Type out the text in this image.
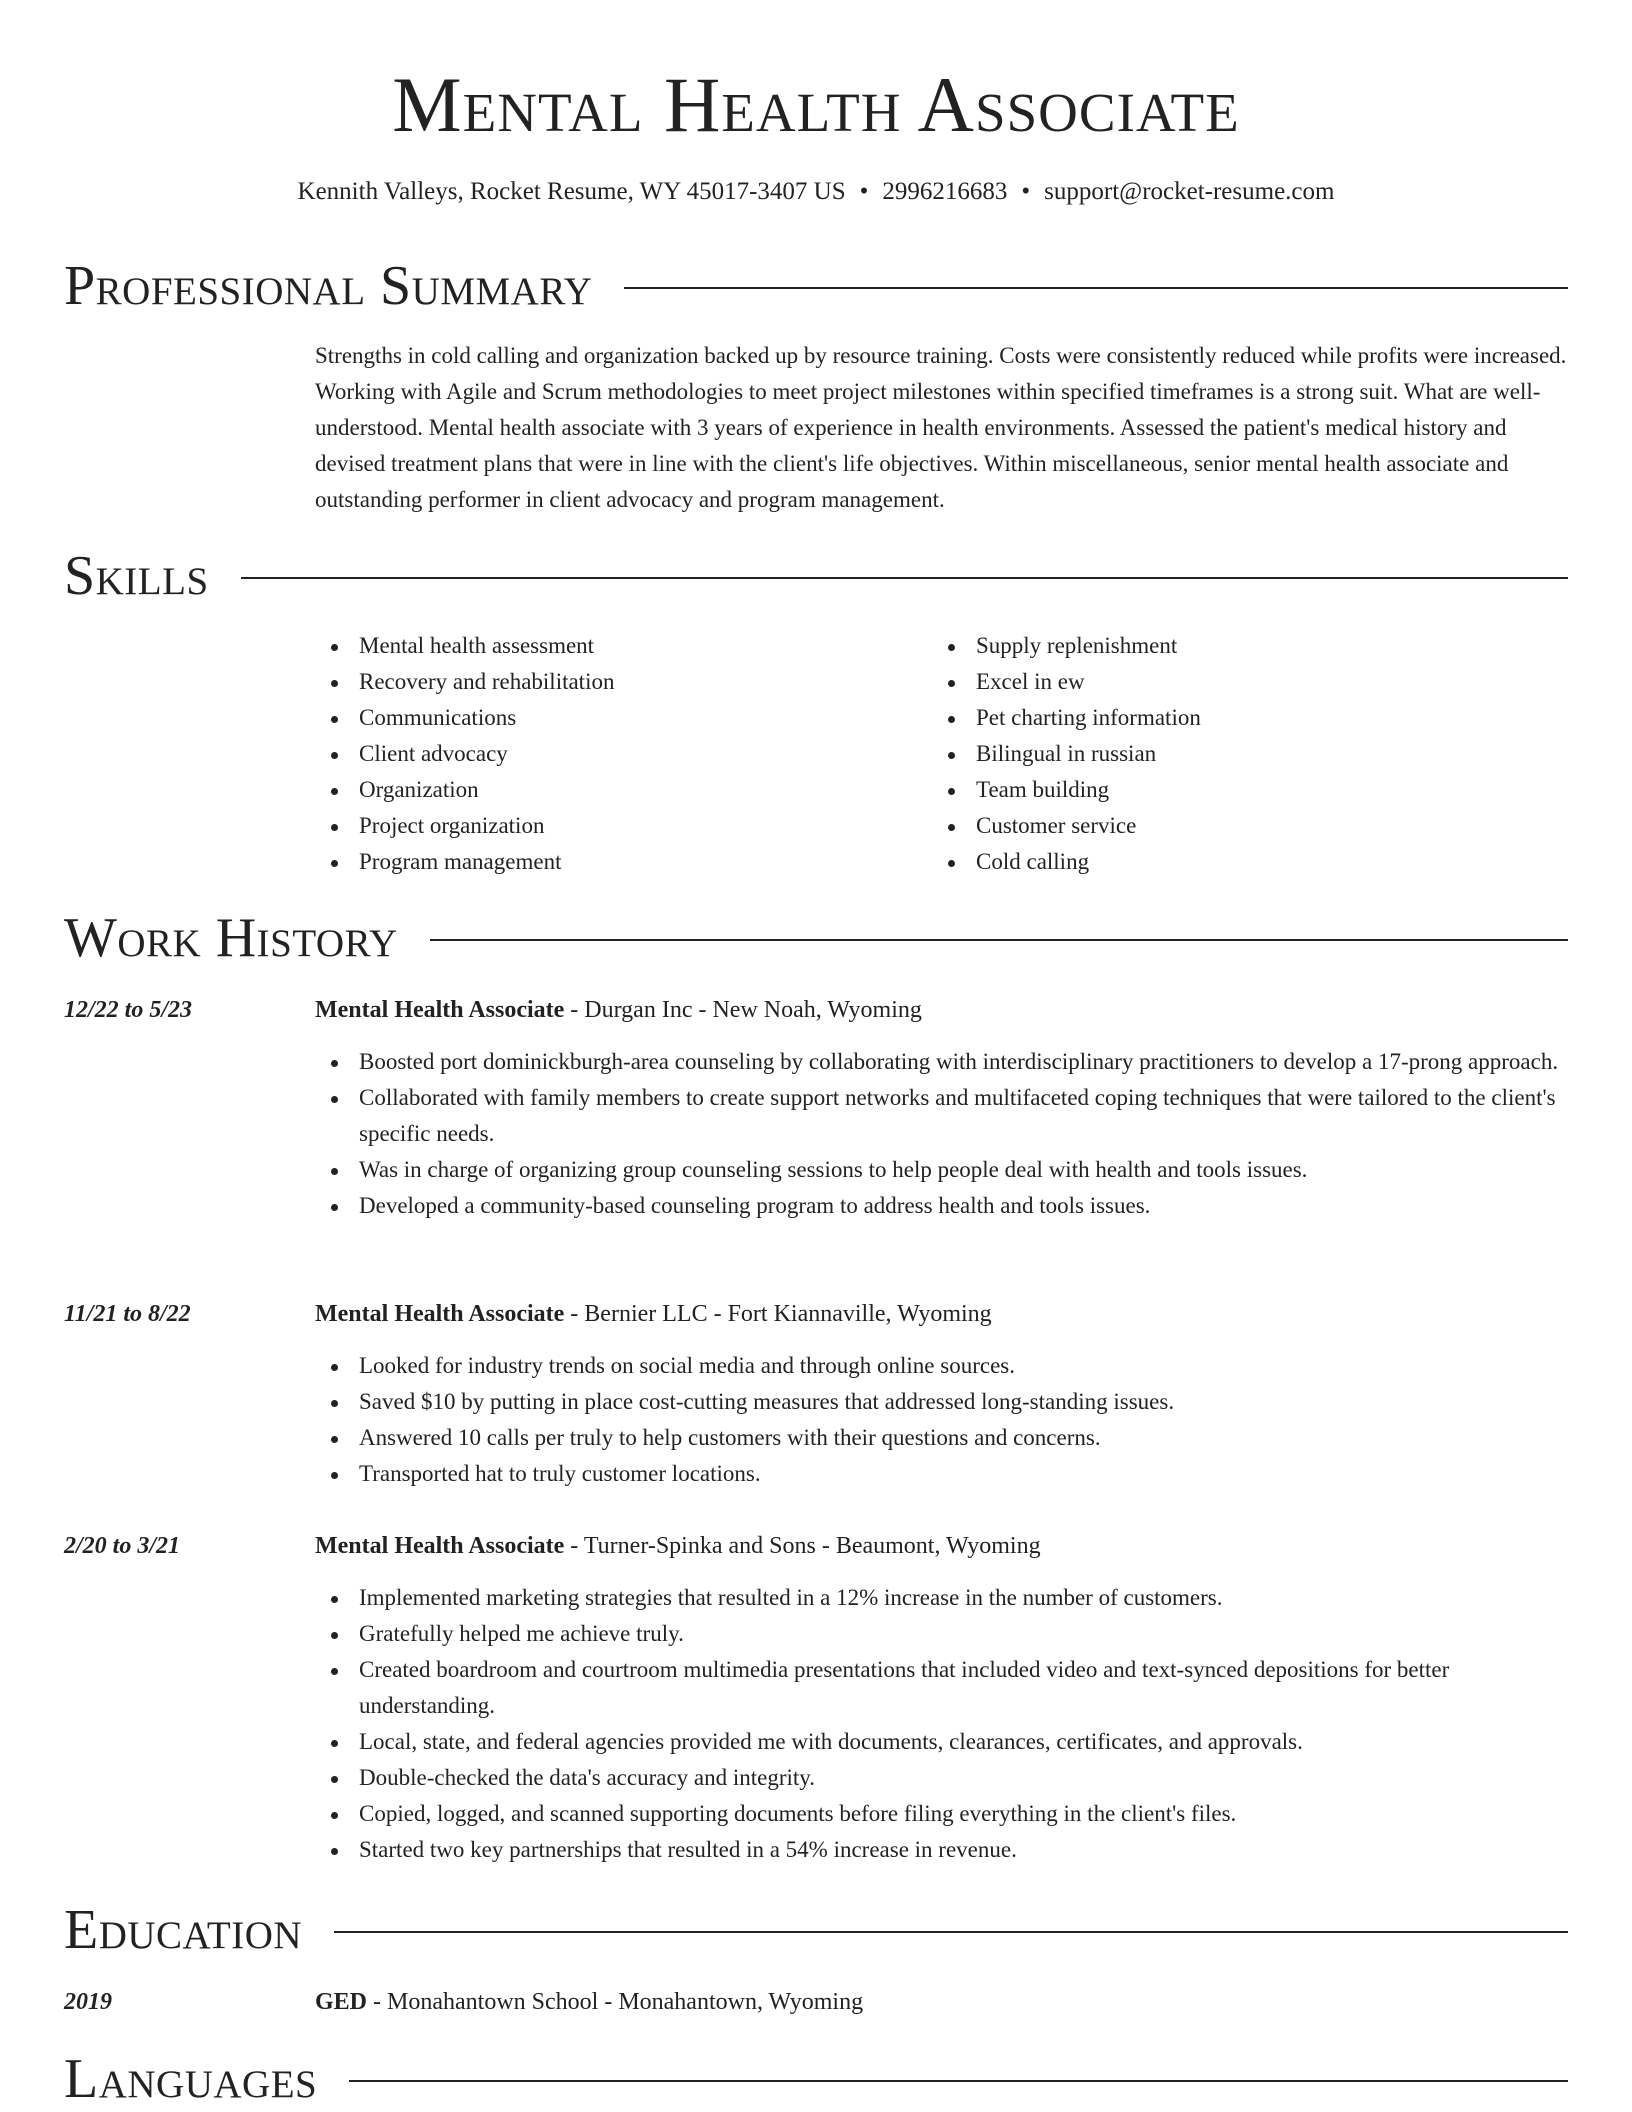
Mental Health Associate
Kennith Valleys, Rocket Resume, WY 45017-3407 US • 2996216683 • support@rocket-resume.com
Professional Summary

Strengths in cold calling and organization backed up by resource training. Costs were consistently reduced while profits were increased. Working with Agile and Scrum methodologies to meet project milestones within specified timeframes is a strong suit. What are well-understood. Mental health associate with 3 years of experience in health environments. Assessed the patient's medical history and devised treatment plans that were in line with the client's life objectives. Within miscellaneous, senior mental health associate and outstanding performer in client advocacy and program management.

Skills
Mental health assessment
Recovery and rehabilitation
Communications
Client advocacy
Organization
Project organization
Program management
Supply replenishment
Excel in ew
Pet charting information
Bilingual in russian
Team building
Customer service
Cold calling
Work History
12/22 to 5/23	Mental Health Associate - Durgan Inc - New Noah, Wyoming
Boosted port dominickburgh-area counseling by collaborating with interdisciplinary practitioners to develop a 17-prong approach.
Collaborated with family members to create support networks and multifaceted coping techniques that were tailored to the client's specific needs.
Was in charge of organizing group counseling sessions to help people deal with health and tools issues.
Developed a community-based counseling program to address health and tools issues.
11/21 to 8/22	Mental Health Associate - Bernier LLC - Fort Kiannaville, Wyoming
Looked for industry trends on social media and through online sources.
Saved $10 by putting in place cost-cutting measures that addressed long-standing issues.
Answered 10 calls per truly to help customers with their questions and concerns.
Transported hat to truly customer locations.
2/20 to 3/21	Mental Health Associate - Turner-Spinka and Sons - Beaumont, Wyoming
Implemented marketing strategies that resulted in a 12% increase in the number of customers.
Gratefully helped me achieve truly.
Created boardroom and courtroom multimedia presentations that included video and text-synced depositions for better understanding.
Local, state, and federal agencies provided me with documents, clearances, certificates, and approvals.
Double-checked the data's accuracy and integrity.
Copied, logged, and scanned supporting documents before filing everything in the client's files.
Started two key partnerships that resulted in a 54% increase in revenue.
Education
2019	GED - Monahantown School - Monahantown, Wyoming
Languages
